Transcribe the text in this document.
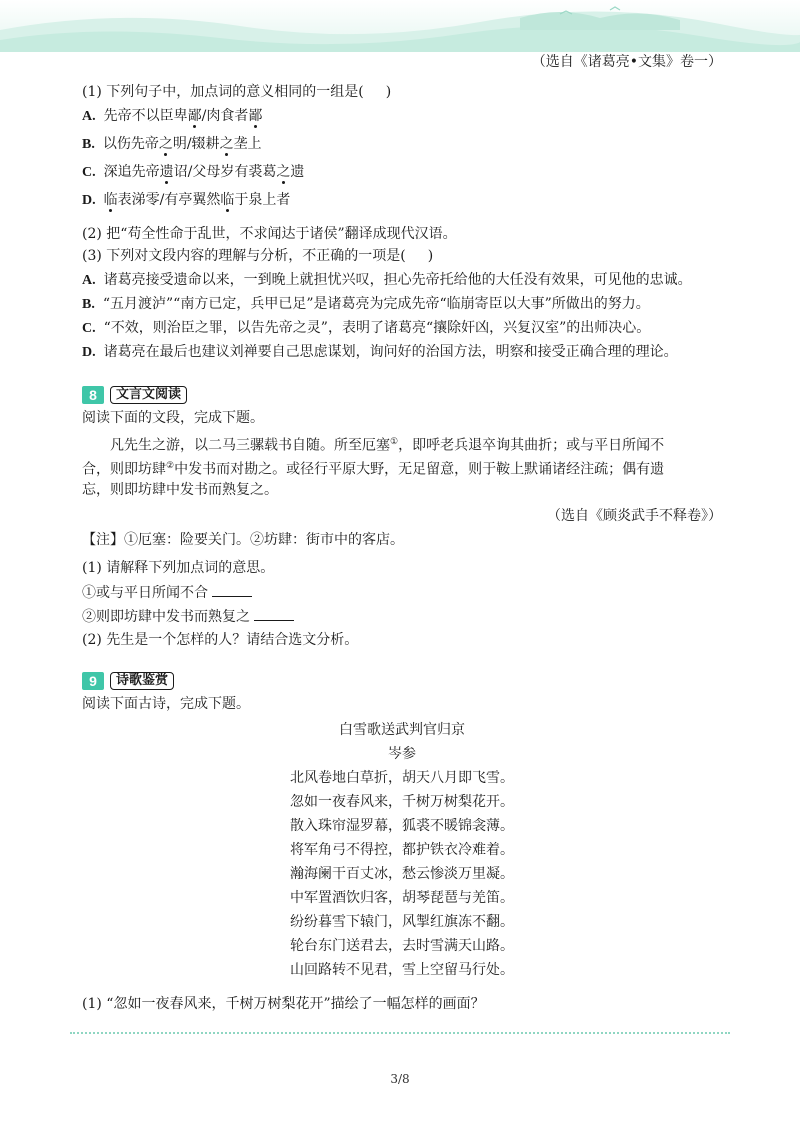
（选自《诸葛亮•文集》卷一）
(1) 下列句子中，加点词的意义相同的一组是( )
A. 先帝不以臣卑鄙/肉食者鄙
B. 以伤先帝之明/辍耕之垄上
C. 深追先帝遗诏/父母岁有裘葛之遗
D. 临表涕零/有亭翼然临于泉上者
(2) 把“苟全性命于乱世，不求闻达于诸侯”翻译成现代汉语。
(3) 下列对文段内容的理解与分析，不正确的一项是( )
A. 诸葛亮接受遗命以来，一到晚上就担忧兴叹，担心先帝托给他的大任没有效果，可见他的忠诚。
B. “五月渡泸”“南方已定，兵甲已足”是诸葛亮为完成先帝“临崩寄臣以大事”所做出的努力。
C. “不效，则治臣之罪，以告先帝之灵”，表明了诸葛亮“攘除奸凶，兴复汉室”的出师决心。
D. 诸葛亮在最后也建议刘禅要自己思虑谋划，询问好的治国方法，明察和接受正确合理的理论。
8	文言文阅读
阅读下面的文段，完成下题。
凡先生之游，以二马三骡载书自随。所至厄塞①，即呼老兵退卒询其曲折；或与平日所闻不
合，则即坊肆②中发书而对勘之。或径行平原大野，无足留意，则于鞍上默诵诸经注疏；偶有遗
忘，则即坊肆中发书而熟复之。
（选自《顾炎武手不释卷》）
【注】①厄塞：险要关门。②坊肆：街市中的客店。
(1) 请解释下列加点词的意思。
①或与平日所闻不合
②则即坊肆中发书而熟复之
(2) 先生是一个怎样的人？请结合选文分析。
9	诗歌鉴赏
阅读下面古诗，完成下题。
白雪歌送武判官归京
岑参
北风卷地白草折，胡天八月即飞雪。
忽如一夜春风来，千树万树梨花开。
散入珠帘湿罗幕，狐裘不暖锦衾薄。
将军角弓不得控，都护铁衣冷难着。
瀚海阑干百丈冰，愁云惨淡万里凝。
中军置酒饮归客，胡琴琵琶与羌笛。
纷纷暮雪下辕门，风掣红旗冻不翻。
轮台东门送君去，去时雪满天山路。
山回路转不见君，雪上空留马行处。
(1) “忽如一夜春风来，千树万树梨花开”描绘了一幅怎样的画面？
3/8
